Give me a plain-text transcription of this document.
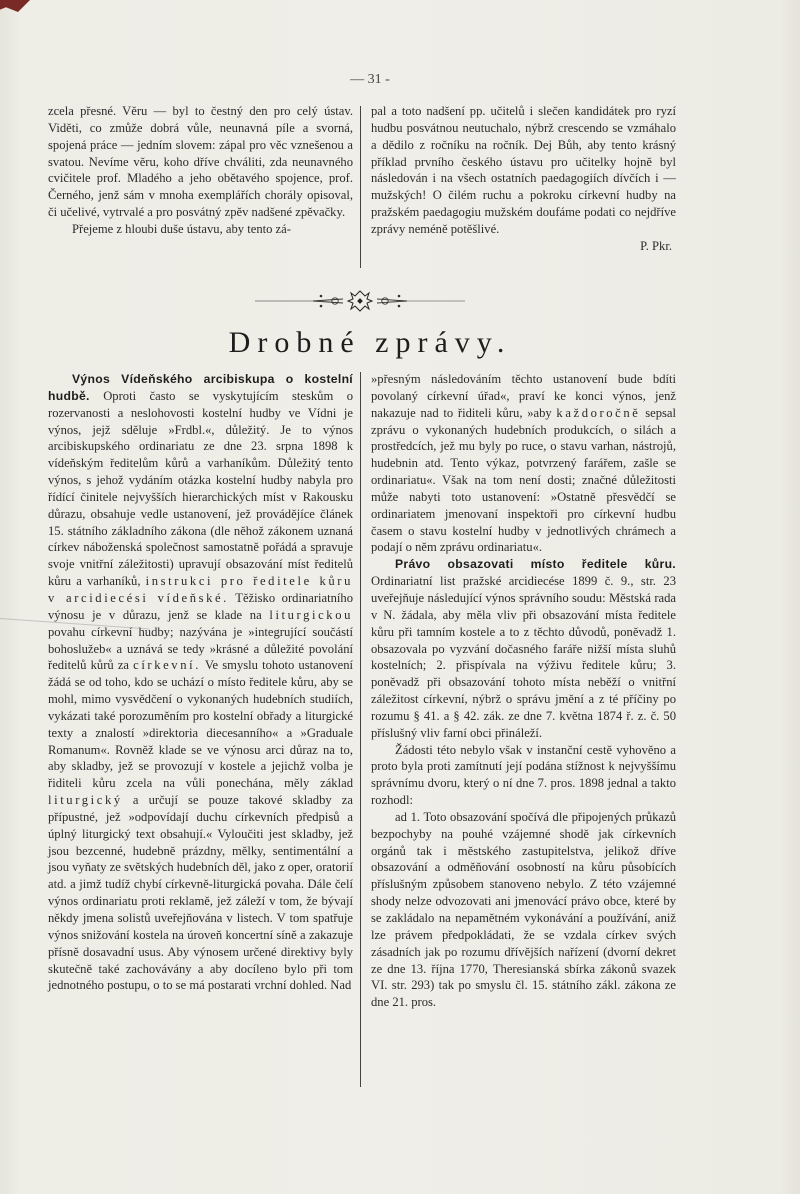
— 31 -

zcela přesné. Věru — byl to čestný den pro celý ústav. Viděti, co zmůže dobrá vůle, neunavná píle a svorná, spojená práce — jedním slovem: zápal pro věc vznešenou a svatou. Nevíme věru, koho dříve chváliti, zda neunavného cvičitele prof. Mladého a jeho obětavého spojence, prof. Černého, jenž sám v mnoha exemplářích chorály opisoval, či učelivé, vytrvalé a pro posvátný zpěv nadšené zpěvačky.

Přejeme z hloubi duše ústavu, aby tento zá-

pal a toto nadšení pp. učitelů i slečen kandidátek pro ryzí hudbu posvátnou neutuchalo, nýbrž crescendo se vzmáhalo a dědilo z ročníku na ročník. Dej Bůh, aby tento krásný příklad prvního českého ústavu pro učitelky hojně byl následován i na všech ostatních paedagogiích dívčích i — mužských! O čilém ruchu a pokroku církevní hudby na pražském paedagogiu mužském doufáme podati co nejdříve zprávy neméně potěšlivé.

P. Pkr.

Drobné zprávy.

Výnos Vídeňského arcibiskupa o kostelní hudbě. Oproti často se vyskytujícím steskům o rozervanosti a neslohovosti kostelní hudby ve Vídni je výnos, jejž sděluje »Frdbl.«, důležitý. Je to výnos arcibiskupského ordinariatu ze dne 23. srpna 1898 k vídeňským ředitelům kůrů a varhaníkům. Důležitý tento výnos, s jehož vydáním otázka kostelní hudby nabyla pro řídící činitele nejvyšších hierarchických míst v Rakousku důrazu, obsahuje vedle ustanovení, jež provádějíce článek 15. státního základního zákona (dle něhož zákonem uznaná církev náboženská společnost samostatně pořádá a spravuje svoje vnitřní záležitosti) upravují obsazování míst ředitelů kůru a varhaníků, instrukci pro ředitele kůru v arcidiecési vídeňské. Těžisko ordinariatního výnosu je v důrazu, jenž se klade na liturgickou povahu církevní hudby; nazývána je »integrující součástí bohoslužeb« a uznává se tedy »krásné a důležité povolání ředitelů kůrů za církevní. Ve smyslu tohoto ustanovení žádá se od toho, kdo se uchází o místo ředitele kůru, aby se mohl, mimo vysvědčení o vykonaných hudebních studiích, vykázati také porozuměním pro kostelní obřady a liturgické texty a znalostí »direktoria diecesanního« a »Graduale Romanum«. Rovněž klade se ve výnosu arci důraz na to, aby skladby, jež se provozují v kostele a jejichž volba je řiditeli kůru zcela na vůli ponechána, měly základ liturgický a určují se pouze takové skladby za přípustné, jež »odpovídají duchu církevních předpisů a úplný liturgický text obsahují.« Vyloučiti jest skladby, jež jsou bezcenné, hudebně prázdny, mělky, sentimentální a jsou vyňaty ze světských hudebních děl, jako z oper, oratorií atd. a jimž tudíž chybí církevně-liturgická povaha. Dále čelí výnos ordinariatu proti reklamě, jež záleží v tom, že bývají někdy jmena solistů uveřejňována v listech. V tom spatřuje výnos snižování kostela na úroveň koncertní síně a zakazuje přísně dosavadní usus. Aby výnosem určené direktivy byly skutečně také zachovávány a aby docíleno bylo při tom jednotného postupu, o to se má postarati vrchní dohled. Nad

»přesným následováním těchto ustanovení bude bdíti povolaný církevní úřad«, praví ke konci výnos, jenž nakazuje nad to řiditeli kůru, »aby každoročně sepsal zprávu o vykonaných hudebních produkcích, o silách a prostředcích, jež mu byly po ruce, o stavu varhan, nástrojů, hudebnin atd. Tento výkaz, potvrzený farářem, zašle se ordinariatu«. Však na tom není dosti; značné důležitosti může nabyti toto ustanovení: »Ostatně přesvědčí se ordinariatem jmenovaní inspektoři pro církevní hudbu časem o stavu kostelní hudby v jednotlivých chrámech a podají o něm zprávu ordinariatu«.

Právo obsazovati místo ředitele kůru. Ordinariatní list pražské arcidiecése 1899 č. 9., str. 23 uveřejňuje následující výnos správního soudu: Městská rada v N. žádala, aby měla vliv při obsazování místa ředitele kůru při tamním kostele a to z těchto důvodů, poněvadž 1. obsazovala po vyzvání dočasného faráře nižší místa sluhů kostelních; 2. přispívala na výživu ředitele kůru; 3. poněvadž při obsazování tohoto místa neběží o vnitřní záležitost církevní, nýbrž o správu jmění a z té příčiny po rozumu § 41. a § 42. zák. ze dne 7. května 1874 ř. z. č. 50 příslušný vliv farní obci přináleží.

Žádosti této nebylo však v instanční cestě vyhověno a proto byla proti zamítnutí její podána stížnost k nejvyššímu správnímu dvoru, který o ní dne 7. pros. 1898 jednal a takto rozhodl:

ad 1. Toto obsazování spočívá dle připojených průkazů bezpochyby na pouhé vzájemné shodě jak církevních orgánů tak i městského zastupitelstva, jelikož dříve obsazování a odměňování osobností na kůru působících příslušným způsobem stanoveno nebylo. Z této vzájemné shody nelze odvozovati ani jmenovácí právo obce, které by se zakládalo na nepamětném vykonávání a používání, aniž lze právem předpokládati, že se vzdala církev svých zásadních jak po rozumu dřívějších nařízení (dvorní dekret ze dne 13. října 1770, Theresianská sbírka zákonů svazek VI. str. 293) tak po smyslu čl. 15. státního zákl. zákona ze dne 21. pros.
